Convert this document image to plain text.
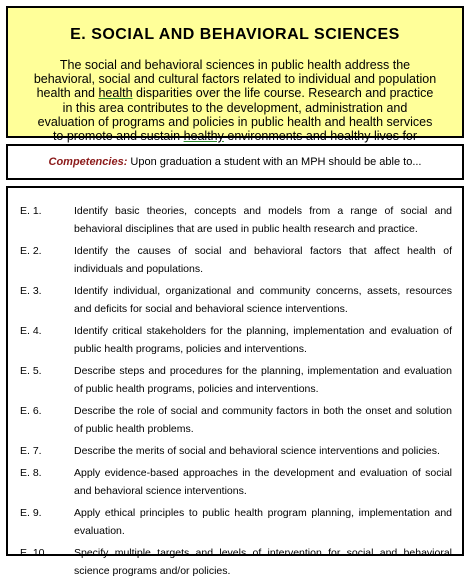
E. SOCIAL AND BEHAVIORAL SCIENCES
The social and behavioral sciences in public health address the behavioral, social and cultural factors related to individual and population health and health disparities over the life course. Research and practice in this area contributes to the development, administration and evaluation of programs and policies in public health and health services to promote and sustain healthy environments and healthy lives for
Competencies: Upon graduation a student with an MPH should be able to...
E. 1.	Identify basic theories, concepts and models from a range of social and behavioral disciplines that are used in public health research and practice.
E. 2.	Identify the causes of social and behavioral factors that affect health of individuals and populations.
E. 3.	Identify individual, organizational and community concerns, assets, resources and deficits for social and behavioral science interventions.
E. 4.	Identify critical stakeholders for the planning, implementation and evaluation of public health programs, policies and interventions.
E. 5.	Describe steps and procedures for the planning, implementation and evaluation of public health programs, policies and interventions.
E. 6.	Describe the role of social and community factors in both the onset and solution of public health problems.
E. 7.	Describe the merits of social and behavioral science interventions and policies.
E. 8.	Apply evidence-based approaches in the development and evaluation of social and behavioral science interventions.
E. 9.	Apply ethical principles to public health program planning, implementation and evaluation.
E. 10.	Specify multiple targets and levels of intervention for social and behavioral science programs and/or policies.
